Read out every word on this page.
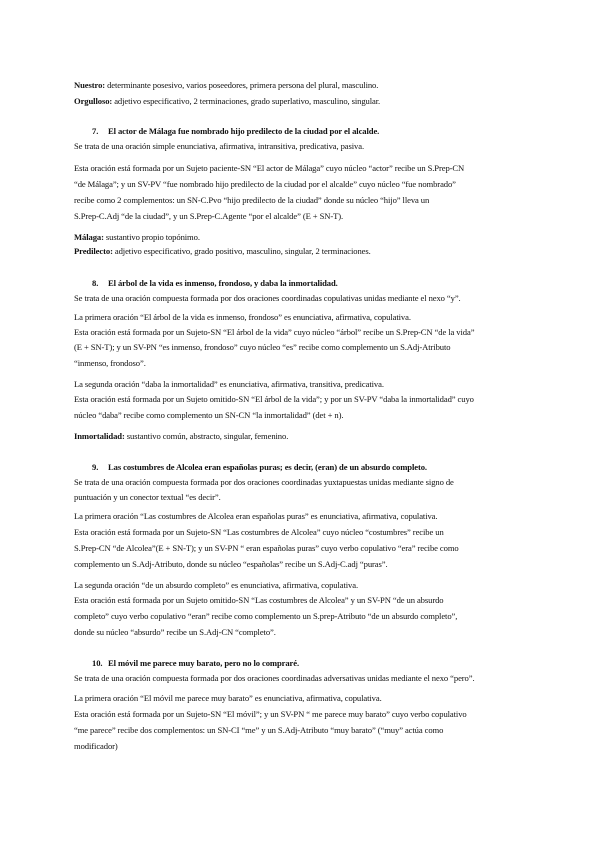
Nuestro: determinante posesivo, varios poseedores, primera persona del plural, masculino.
Orgulloso: adjetivo especificativo, 2 terminaciones, grado superlativo, masculino, singular.
7. El actor de Málaga fue nombrado hijo predilecto de la ciudad por el alcalde.
Se trata de una oración simple enunciativa, afirmativa, intransitiva, predicativa, pasiva.
Esta oración está formada por un Sujeto paciente-SN “El actor de Málaga” cuyo núcleo “actor” recibe un S.Prep-CN
“de Málaga”; y un SV-PV “fue nombrado hijo predilecto de la ciudad por el alcalde” cuyo núcleo “fue nombrado”
recibe como 2 complementos: un SN-C.Pvo “hijo predilecto de la ciudad” donde su núcleo “hijo” lleva un
S.Prep-C.Adj “de la ciudad”, y un S.Prep-C.Agente “por el alcalde” (E + SN-T).
Málaga: sustantivo propio topónimo.
Predilecto: adjetivo especificativo, grado positivo, masculino, singular, 2 terminaciones.
8. El árbol de la vida es inmenso, frondoso, y daba la inmortalidad.
Se trata de una oración compuesta formada por dos oraciones coordinadas copulativas unidas mediante el nexo “y”.
La primera oración “El árbol de la vida es inmenso, frondoso” es enunciativa, afirmativa, copulativa.
Esta oración está formada por un Sujeto-SN “El árbol de la vida” cuyo núcleo “árbol” recibe un S.Prep-CN “de la vida”
(E + SN-T); y un SV-PN “es inmenso, frondoso” cuyo núcleo “es” recibe como complemento un S.Adj-Atributo
“inmenso, frondoso”.
La segunda oración “daba la inmortalidad” es enunciativa, afirmativa, transitiva, predicativa.
Esta oración está formada por un Sujeto omitido-SN “El árbol de la vida”; y por un SV-PV “daba la inmortalidad” cuyo
núcleo “daba” recibe como complemento un SN-CN “la inmortalidad” (det + n).
Inmortalidad: sustantivo común, abstracto, singular, femenino.
9. Las costumbres de Alcolea eran españolas puras; es decir, (eran) de un absurdo completo.
Se trata de una oración compuesta formada por dos oraciones coordinadas yuxtapuestas unidas mediante signo de
puntuación y un conector textual “es decir”.
La primera oración “Las costumbres de Alcolea eran españolas puras” es enunciativa, afirmativa, copulativa.
Esta oración está formada por un Sujeto-SN “Las costumbres de Alcolea” cuyo núcleo “costumbres” recibe un
S.Prep-CN “de Alcolea”(E + SN-T); y un SV-PN “ eran españolas puras” cuyo verbo copulativo “era” recibe como
complemento un S.Adj-Atributo, donde su núcleo “españolas” recibe un S.Adj-C.adj “puras”.
La segunda oración “de un absurdo completo” es enunciativa, afirmativa, copulativa.
Esta oración está formada por un Sujeto omitido-SN “Las costumbres de Alcolea” y un SV-PN “de un absurdo
completo” cuyo verbo copulativo “eran” recibe como complemento un S.prep-Atributo “de un absurdo completo”,
donde su núcleo “absurdo” recibe un S.Adj-CN “completo”.
10. El móvil me parece muy barato, pero no lo compraré.
Se trata de una oración compuesta formada por dos oraciones coordinadas adversativas unidas mediante el nexo “pero”.
La primera oración “El móvil me parece muy barato” es enunciativa, afirmativa, copulativa.
Esta oración está formada por un Sujeto-SN “El móvil”; y un SV-PN “ me parece muy barato” cuyo verbo copulativo
“me parece” recibe dos complementos: un SN-CI “me” y un S.Adj-Atributo “muy barato” (“muy” actúa como
modificador)
